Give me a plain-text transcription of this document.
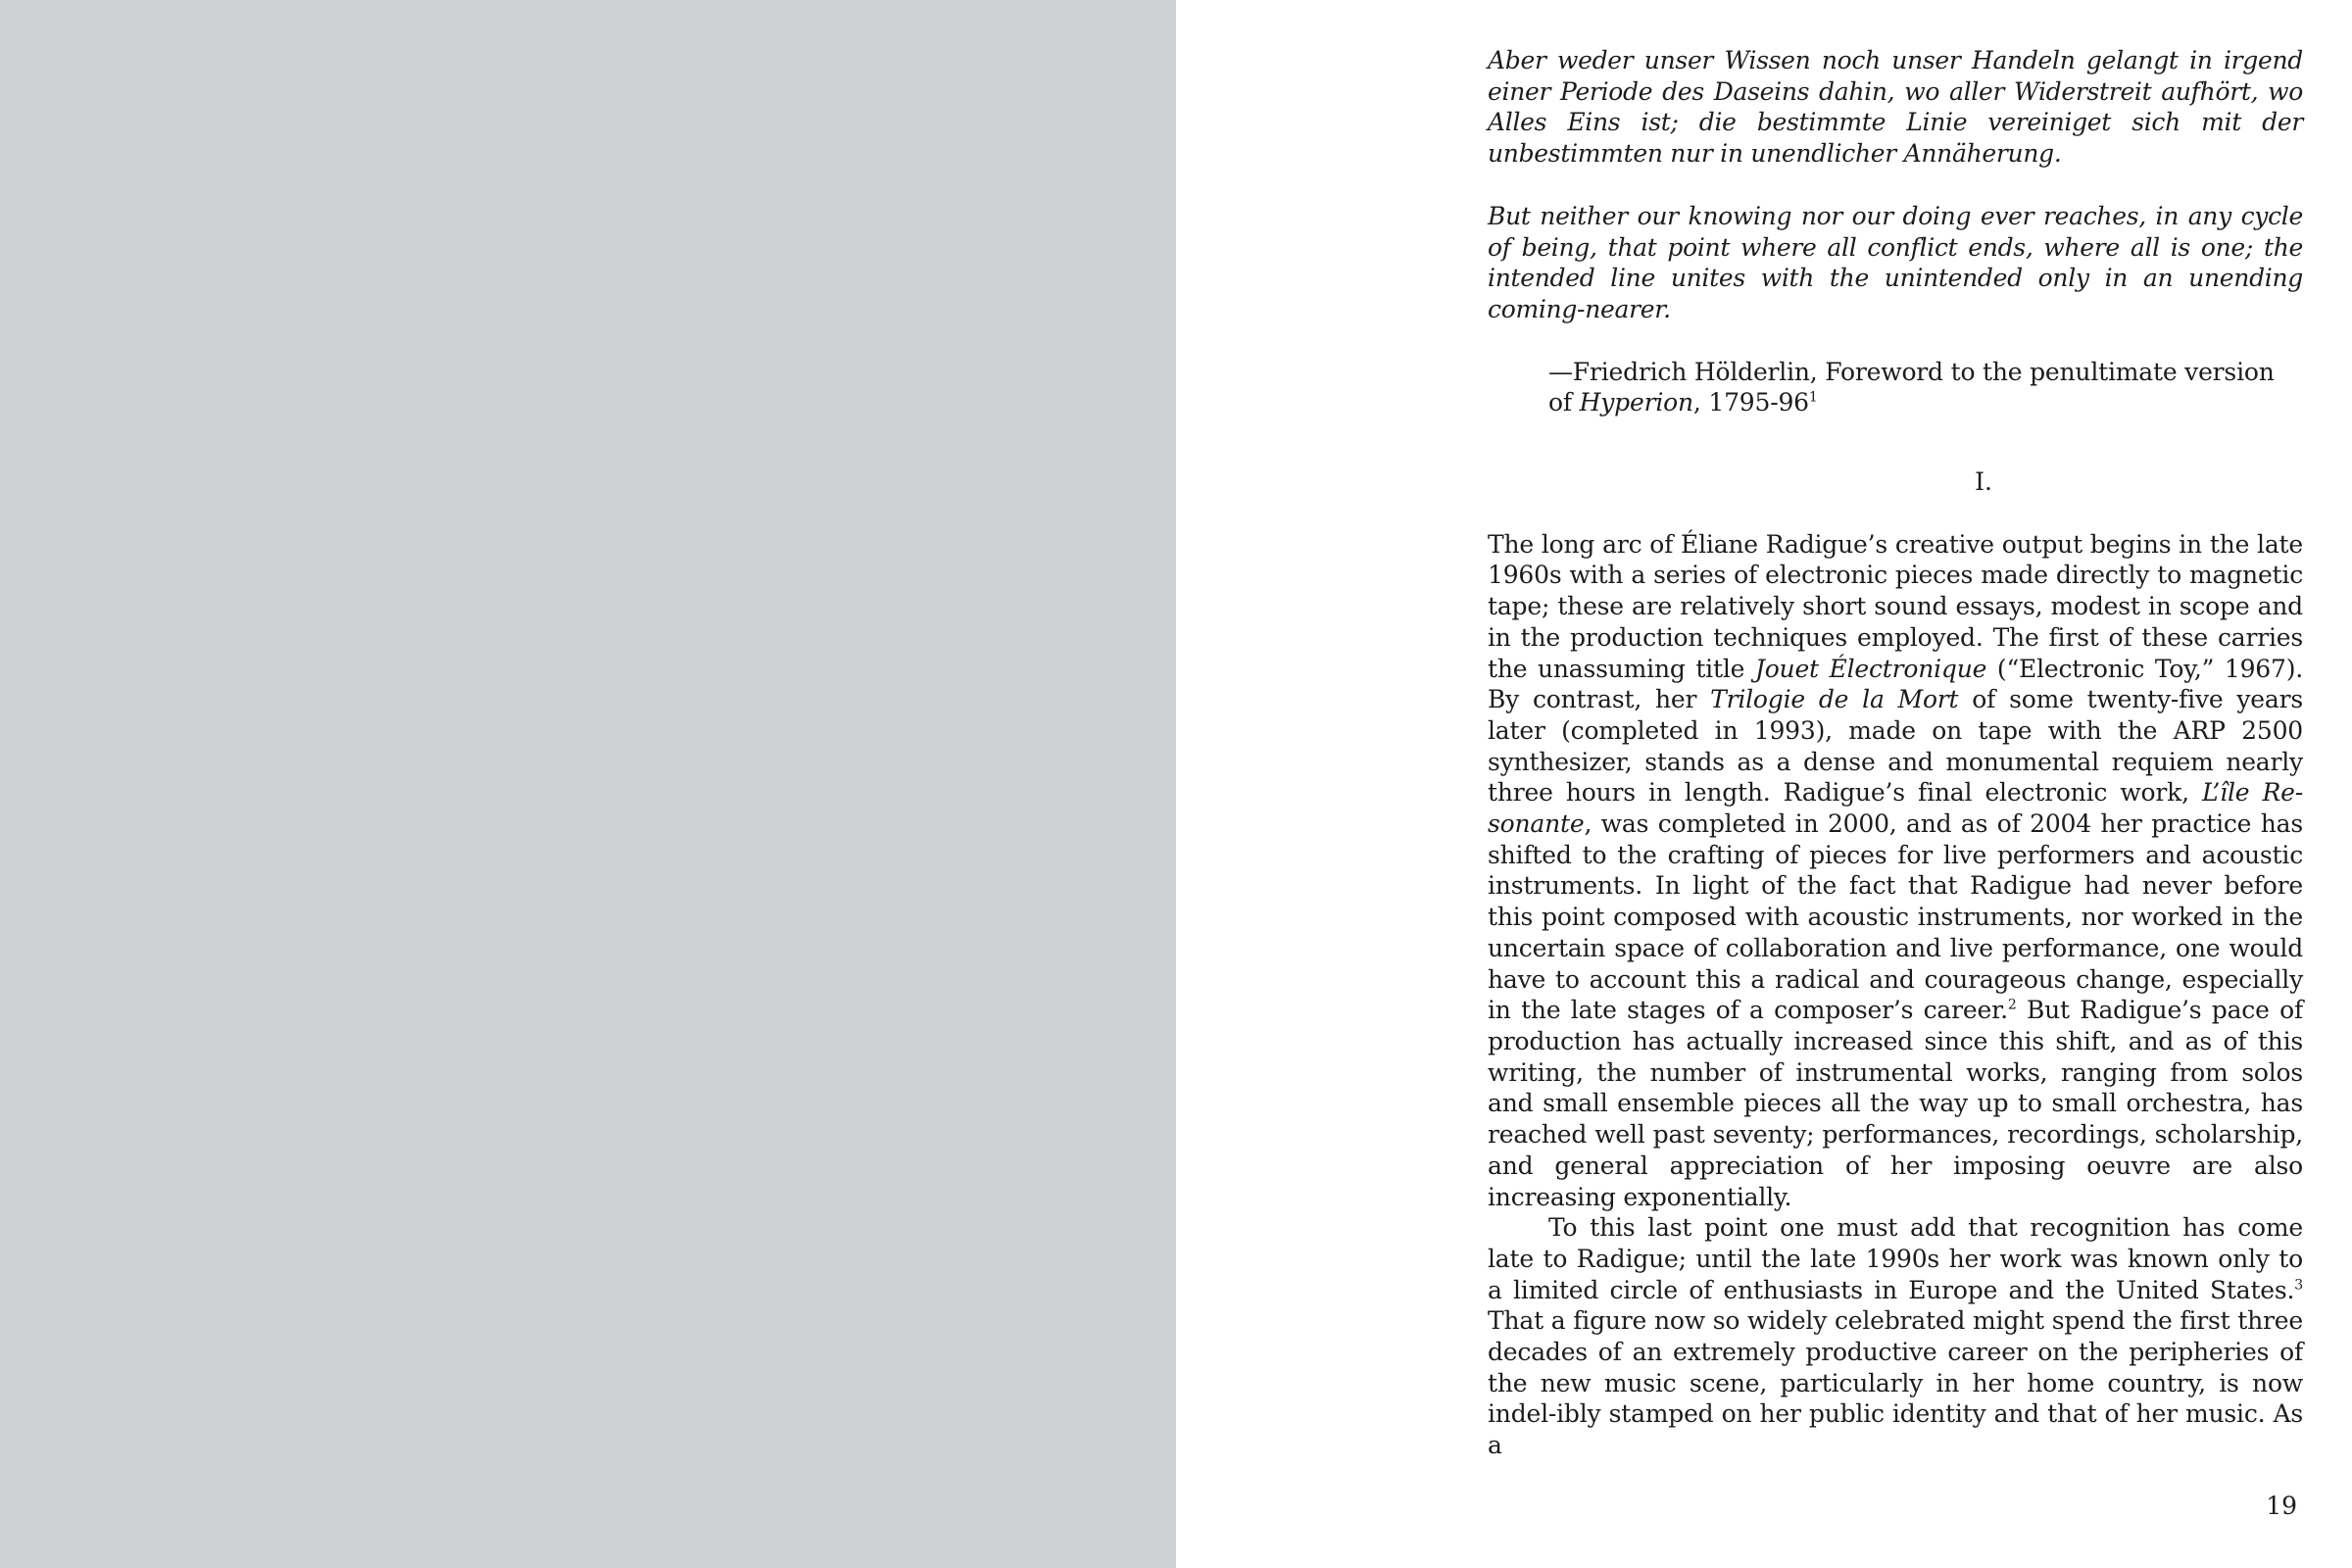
Aber weder unser Wissen noch unser Handeln gelangt in irgend einer Periode des Daseins dahin, wo aller Widerstreit aufhört, wo Alles Eins ist; die bestimmte Linie vereiniget sich mit der unbestimmten nur in unendlicher Annäherung.

But neither our knowing nor our doing ever reaches, in any cycle of being, that point where all conflict ends, where all is one; the intended line unites with the unintended only in an unending coming-nearer.

—Friedrich Hölderlin, Foreword to the penultimate version of Hyperion, $1795-96^1$

I.

The long arc of Éliane Radigue’s creative output begins in the late 1960s with a series of electronic pieces made directly to magnetic tape; these are relatively short sound essays, modest in scope and in the production techniques employed. The first of these carries the unassuming title Jouet Électronique (“Electronic Toy,” 1967). By contrast, her Trilogie de la Mort of some twenty-five years later (completed in 1993), made on tape with the ARP 2500 synthesizer, stands as a dense and monumental requiem nearly three hours in length. Radigue’s final electronic work, L’île Re-sonante, was completed in 2000, and as of 2004 her practice has shifted to the crafting of pieces for live performers and acoustic instruments. In light of the fact that Radigue had never before this point composed with acoustic instruments, nor worked in the uncertain space of collaboration and live performance, one would have to account this a radical and courageous change, especially in the late stages of a composer’s career.$^2$ But Radigue’s pace of production has actually increased since this shift, and as of this writing, the number of instrumental works, ranging from solos and small ensemble pieces all the way up to small orchestra, has reached well past seventy; performances, recordings, scholarship, and general appreciation of her imposing oeuvre are also increasing exponentially.

To this last point one must add that recognition has come late to Radigue; until the late 1990s her work was known only to a limited circle of enthusiasts in Europe and the United States.$^3$ That a figure now so widely celebrated might spend the first three decades of an extremely productive career on the peripheries of the new music scene, particularly in her home country, is now indel-ibly stamped on her public identity and that of her music. As a

19
